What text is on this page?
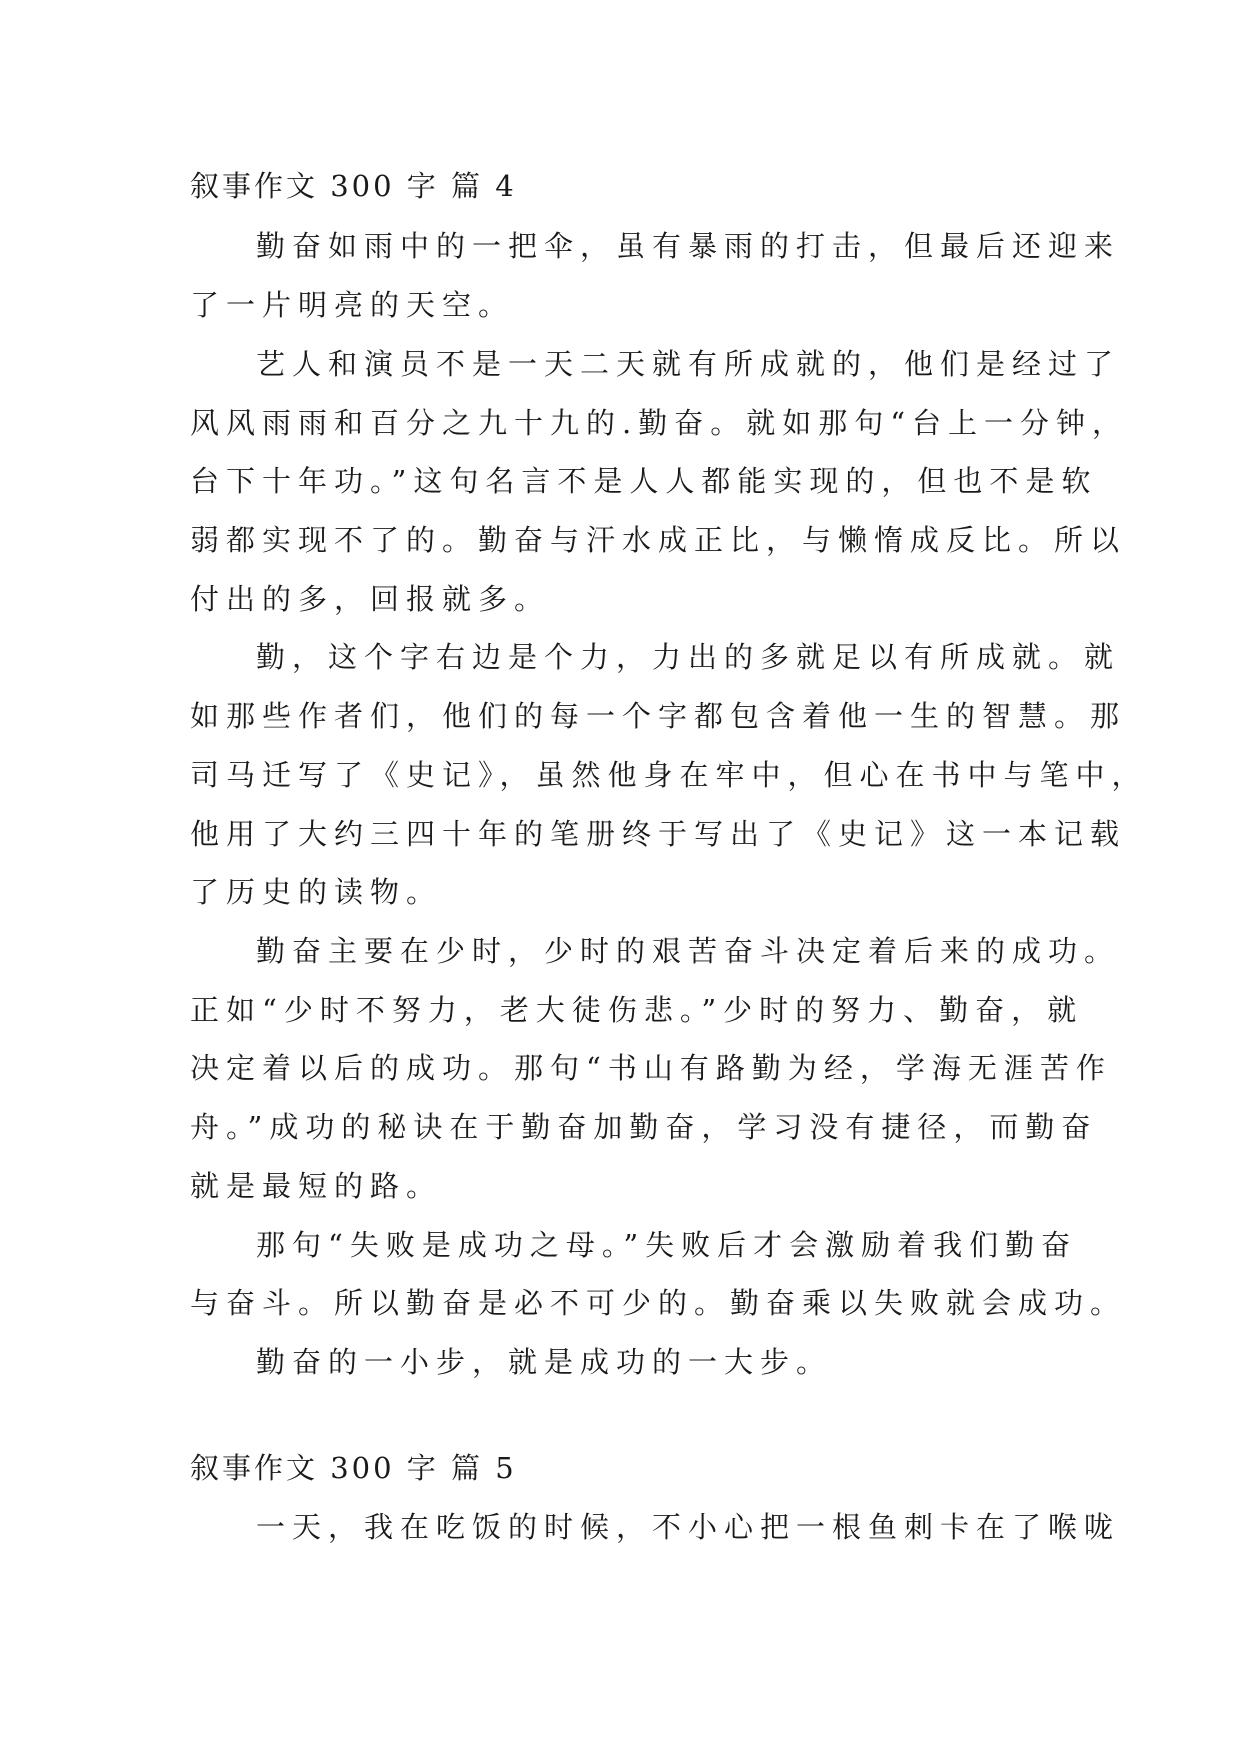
叙事作文 300 字 篇 4
勤奋如雨中的一把伞，虽有暴雨的打击，但最后还迎来
了一片明亮的天空。
艺人和演员不是一天二天就有所成就的，他们是经过了
风风雨雨和百分之九十九的.勤奋。就如那句“台上一分钟，
台下十年功。”这句名言不是人人都能实现的，但也不是软
弱都实现不了的。勤奋与汗水成正比，与懒惰成反比。所以
付出的多，回报就多。
勤，这个字右边是个力，力出的多就足以有所成就。就
如那些作者们，他们的每一个字都包含着他一生的智慧。那
司马迁写了《史记》，虽然他身在牢中，但心在书中与笔中，
他用了大约三四十年的笔册终于写出了《史记》这一本记载
了历史的读物。
勤奋主要在少时，少时的艰苦奋斗决定着后来的成功。
正如“少时不努力，老大徒伤悲。”少时的努力、勤奋，就
决定着以后的成功。那句“书山有路勤为经，学海无涯苦作
舟。”成功的秘诀在于勤奋加勤奋，学习没有捷径，而勤奋
就是最短的路。
那句“失败是成功之母。”失败后才会激励着我们勤奋
与奋斗。所以勤奋是必不可少的。勤奋乘以失败就会成功。
勤奋的一小步，就是成功的一大步。
叙事作文 300 字 篇 5
一天，我在吃饭的时候，不小心把一根鱼刺卡在了喉咙
